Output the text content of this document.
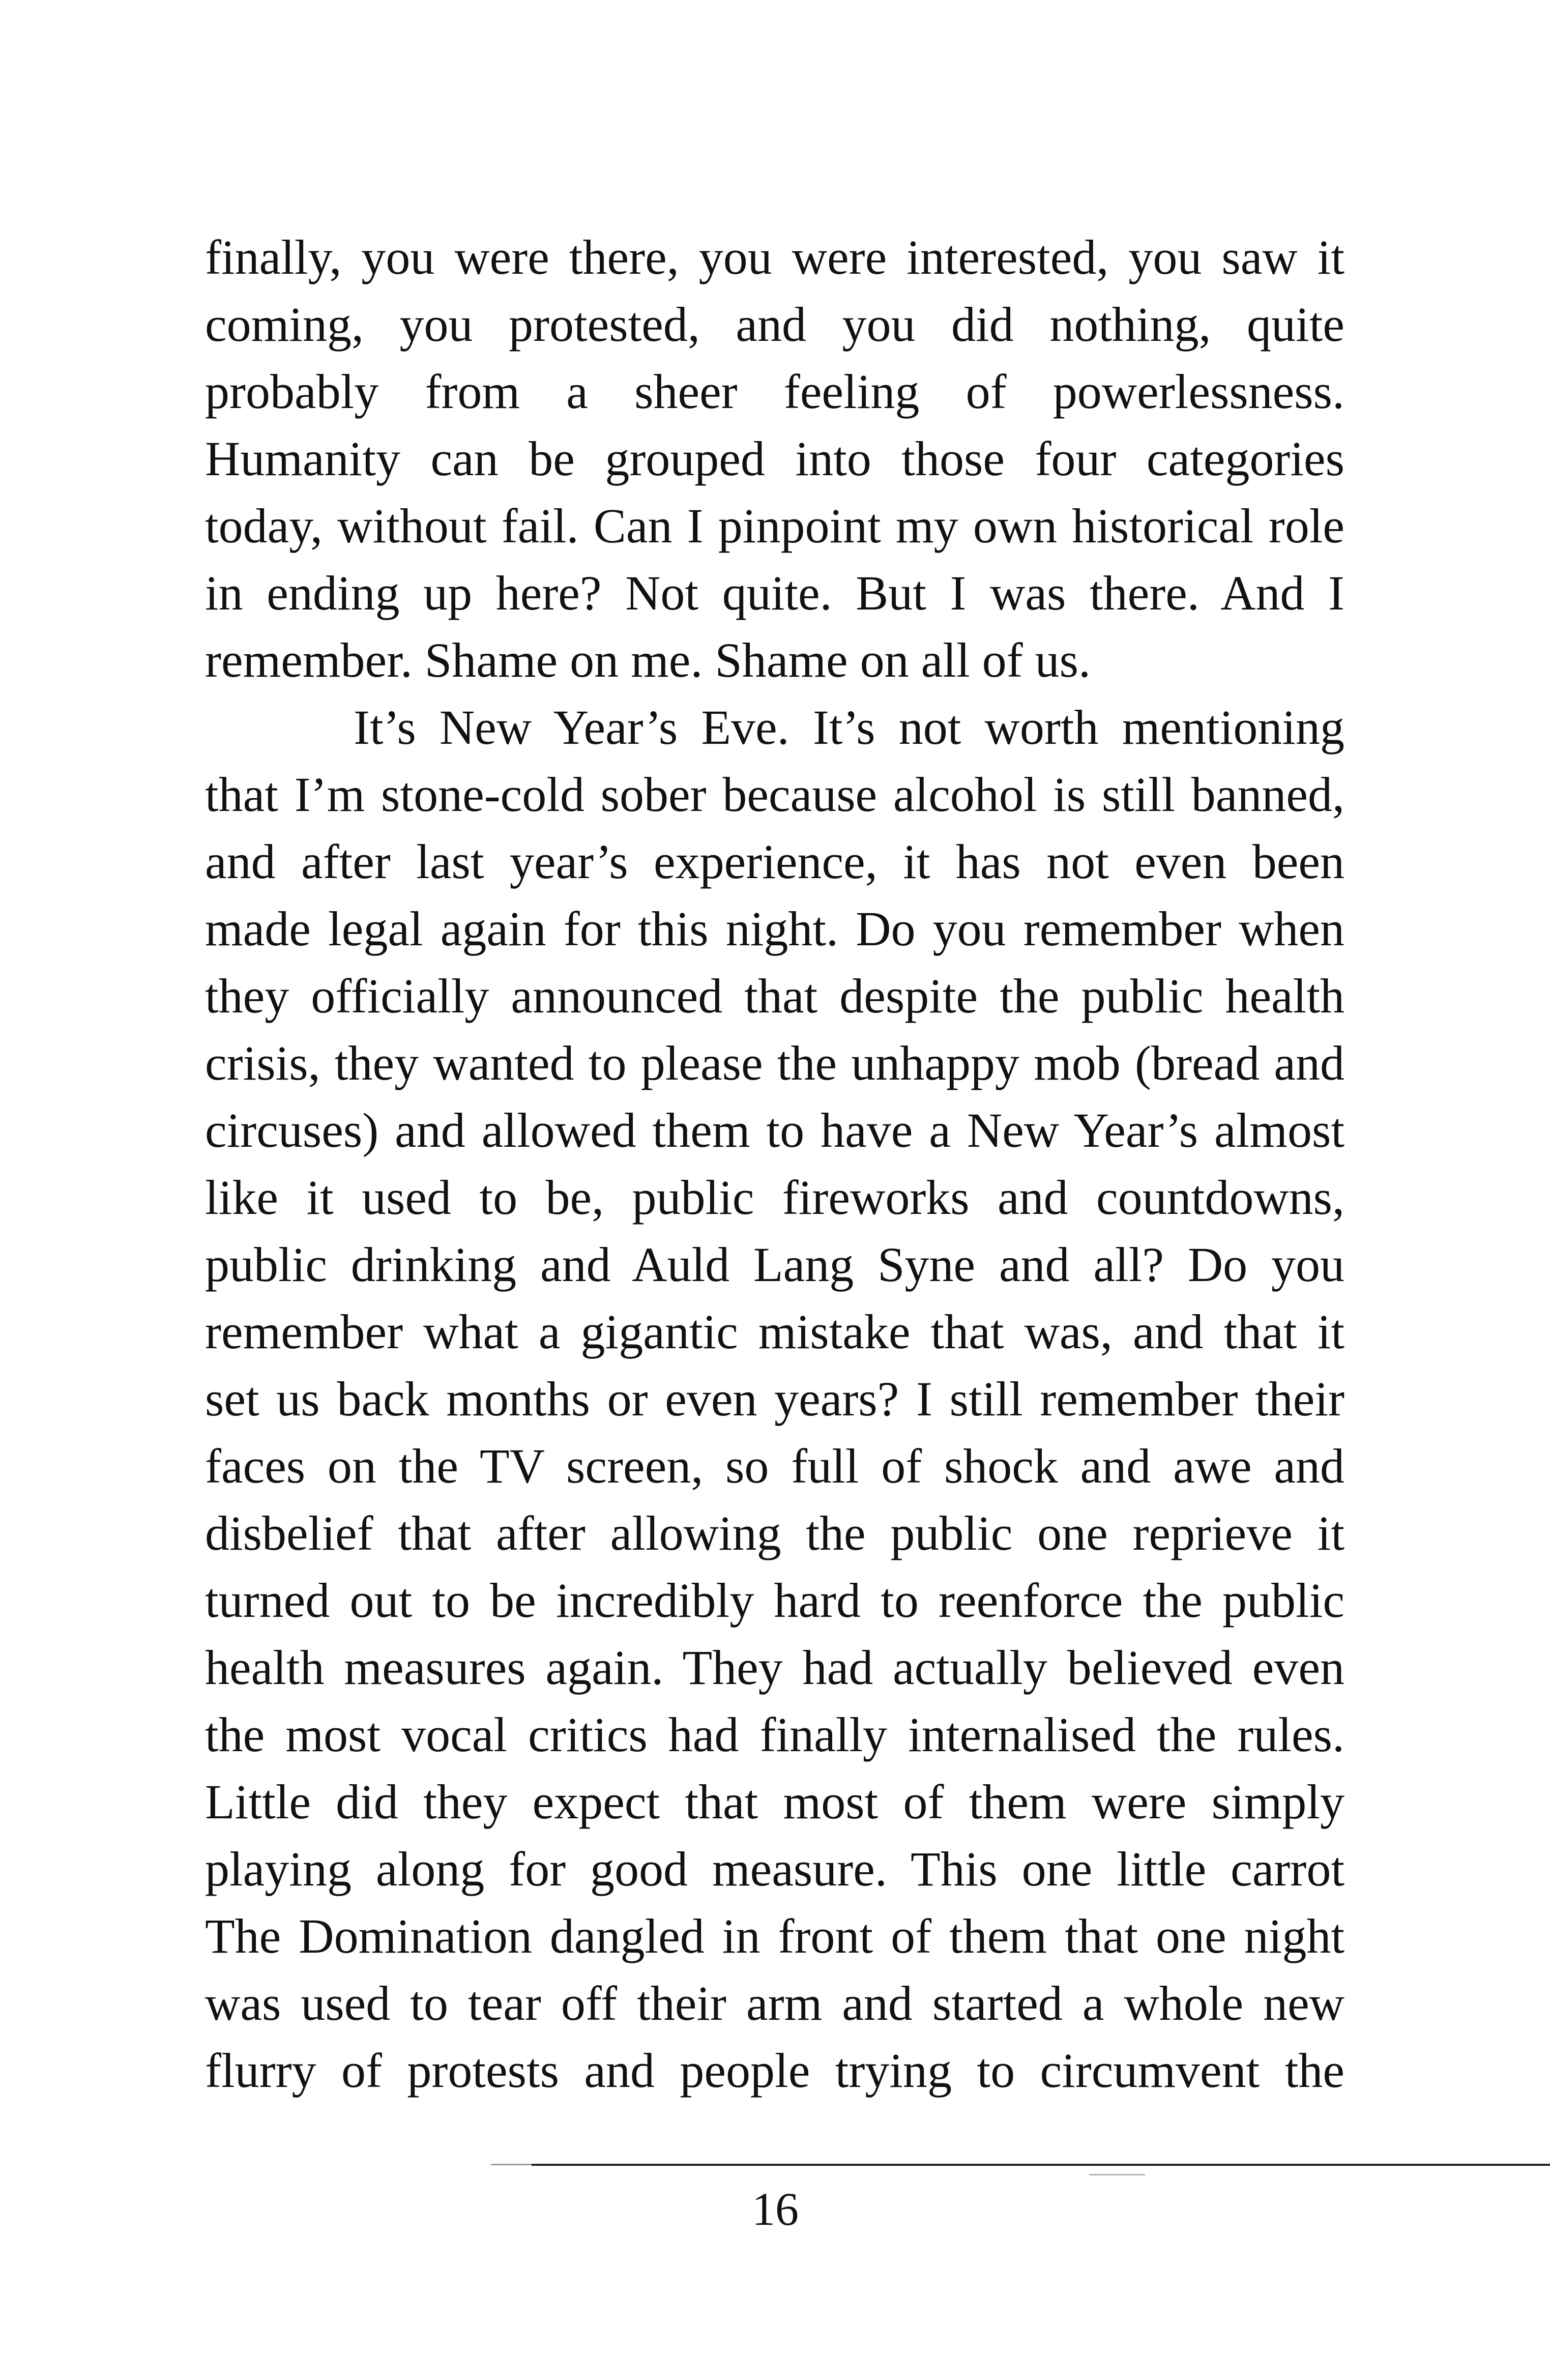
finally, you were there, you were interested, you saw it
coming, you protested, and you did nothing, quite
probably from a sheer feeling of powerlessness.
Humanity can be grouped into those four categories
today, without fail. Can I pinpoint my own historical role
in ending up here? Not quite. But I was there. And I
remember. Shame on me. Shame on all of us.
It’s New Year’s Eve. It’s not worth mentioning
that I’m stone-cold sober because alcohol is still banned,
and after last year’s experience, it has not even been
made legal again for this night. Do you remember when
they officially announced that despite the public health
crisis, they wanted to please the unhappy mob (bread and
circuses) and allowed them to have a New Year’s almost
like it used to be, public fireworks and countdowns,
public drinking and Auld Lang Syne and all? Do you
remember what a gigantic mistake that was, and that it
set us back months or even years? I still remember their
faces on the TV screen, so full of shock and awe and
disbelief that after allowing the public one reprieve it
turned out to be incredibly hard to reenforce the public
health measures again. They had actually believed even
the most vocal critics had finally internalised the rules.
Little did they expect that most of them were simply
playing along for good measure. This one little carrot
The Domination dangled in front of them that one night
was used to tear off their arm and started a whole new
flurry of protests and people trying to circumvent the
16
